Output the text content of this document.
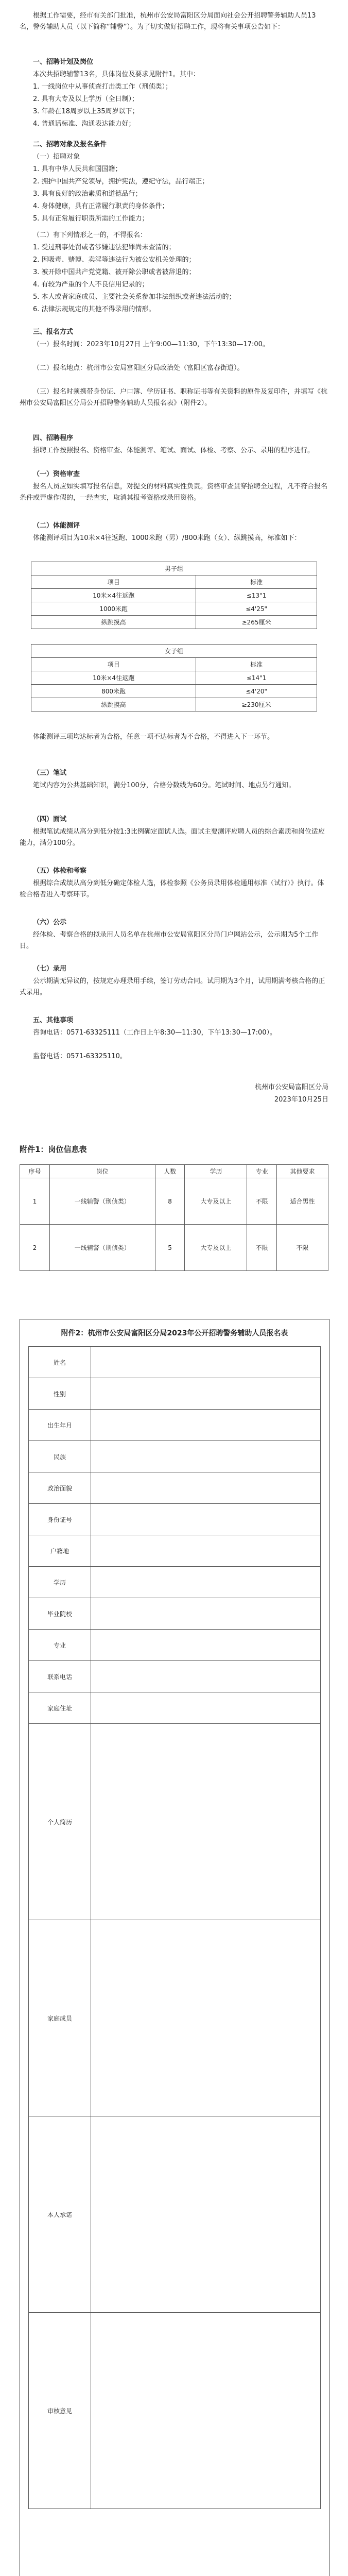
根据工作需要，经市有关部门批准，杭州市公安局富阳区分局面向社会公开招聘警务辅助人员13名，警务辅助人员（以下简称“辅警”）。为了切实做好招聘工作，现将有关事项公告如下：
一、招聘计划及岗位
本次共招聘辅警13名，具体岗位及要求见附件1。其中：
1. 一线岗位中从事侦查打击类工作（刑侦类）；
2. 具有大专及以上学历（全日制）；
3. 年龄在18周岁以上35周岁以下；
4. 普通话标准、沟通表达能力好；
二、招聘对象及报名条件
（一）招聘对象
1. 具有中华人民共和国国籍；
2. 拥护中国共产党领导，拥护宪法，遵纪守法，品行端正；
3. 具有良好的政治素质和道德品行；
4. 身体健康，具有正常履行职责的身体条件；
5. 具有正常履行职责所需的工作能力；
（二）有下列情形之一的，不得报名：
1. 受过刑事处罚或者涉嫌违法犯罪尚未查清的；
2. 因吸毒、赌博、卖淫等违法行为被公安机关处理的；
3. 被开除中国共产党党籍、被开除公职或者被辞退的；
4. 有较为严重的个人不良信用记录的；
5. 本人或者家庭成员、主要社会关系参加非法组织或者违法活动的；
6. 法律法规规定的其他不得录用的情形。
三、报名方式
（一）报名时间：2023年10月27日 上午9:00—11:30，下午13:30—17:00。
（二）报名地点：杭州市公安局富阳区分局政治处（富阳区富春街道）。
（三）报名时须携带身份证、户口簿、学历证书、职称证书等有关资料的原件及复印件，并填写《杭州市公安局富阳区分局公开招聘警务辅助人员报名表》（附件2）。
四、招聘程序
招聘工作按照报名、资格审查、体能测评、笔试、面试、体检、考察、公示、录用的程序进行。
（一）资格审查
报名人员应如实填写报名信息，对提交的材料真实性负责。资格审查贯穿招聘全过程，凡不符合报名条件或弄虚作假的，一经查实，取消其报考资格或录用资格。
（二）体能测评
体能测评项目为10米×4往返跑、1000米跑（男）/800米跑（女）、纵跳摸高，标准如下：
男子组	
项目	标准
10米×4往返跑	≤13"1
1000米跑	≤4'25"
纵跳摸高	≥265厘米
女子组	
项目	标准
10米×4往返跑	≤14"1
800米跑	≤4'20"
纵跳摸高	≥230厘米
体能测评三项均达标者为合格，任意一项不达标者为不合格，不得进入下一环节。
（三）笔试
笔试内容为公共基础知识，满分100分，合格分数线为60分。笔试时间、地点另行通知。
（四）面试
根据笔试成绩从高分到低分按1:3比例确定面试人选。面试主要测评应聘人员的综合素质和岗位适应能力，满分100分。
（五）体检和考察
根据综合成绩从高分到低分确定体检人选，体检参照《公务员录用体检通用标准（试行）》执行。体检合格者进入考察环节。
（六）公示
经体检、考察合格的拟录用人员名单在杭州市公安局富阳区分局门户网站公示，公示期为5个工作日。
（七）录用
公示期满无异议的，按规定办理录用手续，签订劳动合同。试用期为3个月，试用期满考核合格的正式录用。
五、其他事项
咨询电话：0571-63325111（工作日上午8:30—11:30，下午13:30—17:00）。
监督电话：0571-63325110。
杭州市公安局富阳区分局
2023年10月25日
附件1：岗位信息表
序号	岗位	人数	学历	专业	其他要求
1	一线辅警（刑侦类）	8	大专及以上	不限	适合男性
2	一线辅警（刑侦类）	5	大专及以上	不限	不限
附件2：杭州市公安局富阳区分局2023年公开招聘警务辅助人员报名表
姓名
性别
出生年月
民族
政治面貌
身份证号
户籍地
学历
毕业院校
专业
联系电话
家庭住址
个人简历
家庭成员
本人承诺
审核意见
